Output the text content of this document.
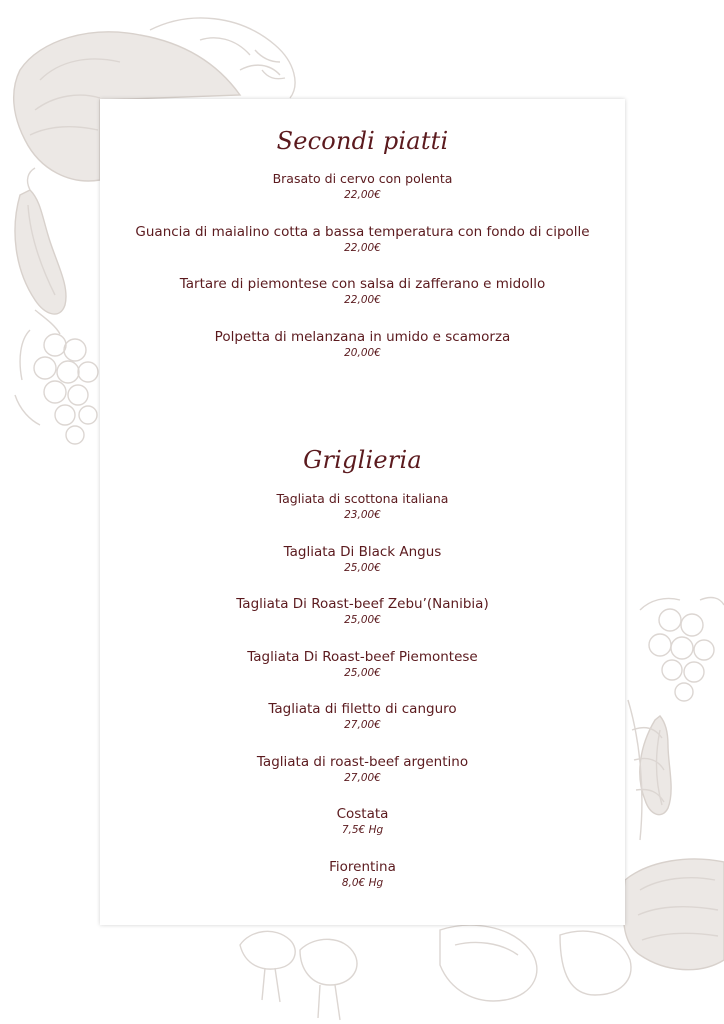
Secondi piatti
Brasato di cervo con polenta
22,00€
Guancia di maialino cotta a bassa temperatura con fondo di cipolle
22,00€
Tartare di piemontese con salsa di zafferano e midollo
22,00€
Polpetta di melanzana in umido e scamorza
20,00€
Griglieria
Tagliata di scottona italiana
23,00€
Tagliata Di Black Angus
25,00€
Tagliata Di Roast-beef Zebu’(Nanibia)
25,00€
Tagliata Di Roast-beef Piemontese
25,00€
Tagliata di filetto di canguro
27,00€
Tagliata di roast-beef argentino
27,00€
Costata
7,5€ Hg
Fiorentina
8,0€ Hg
